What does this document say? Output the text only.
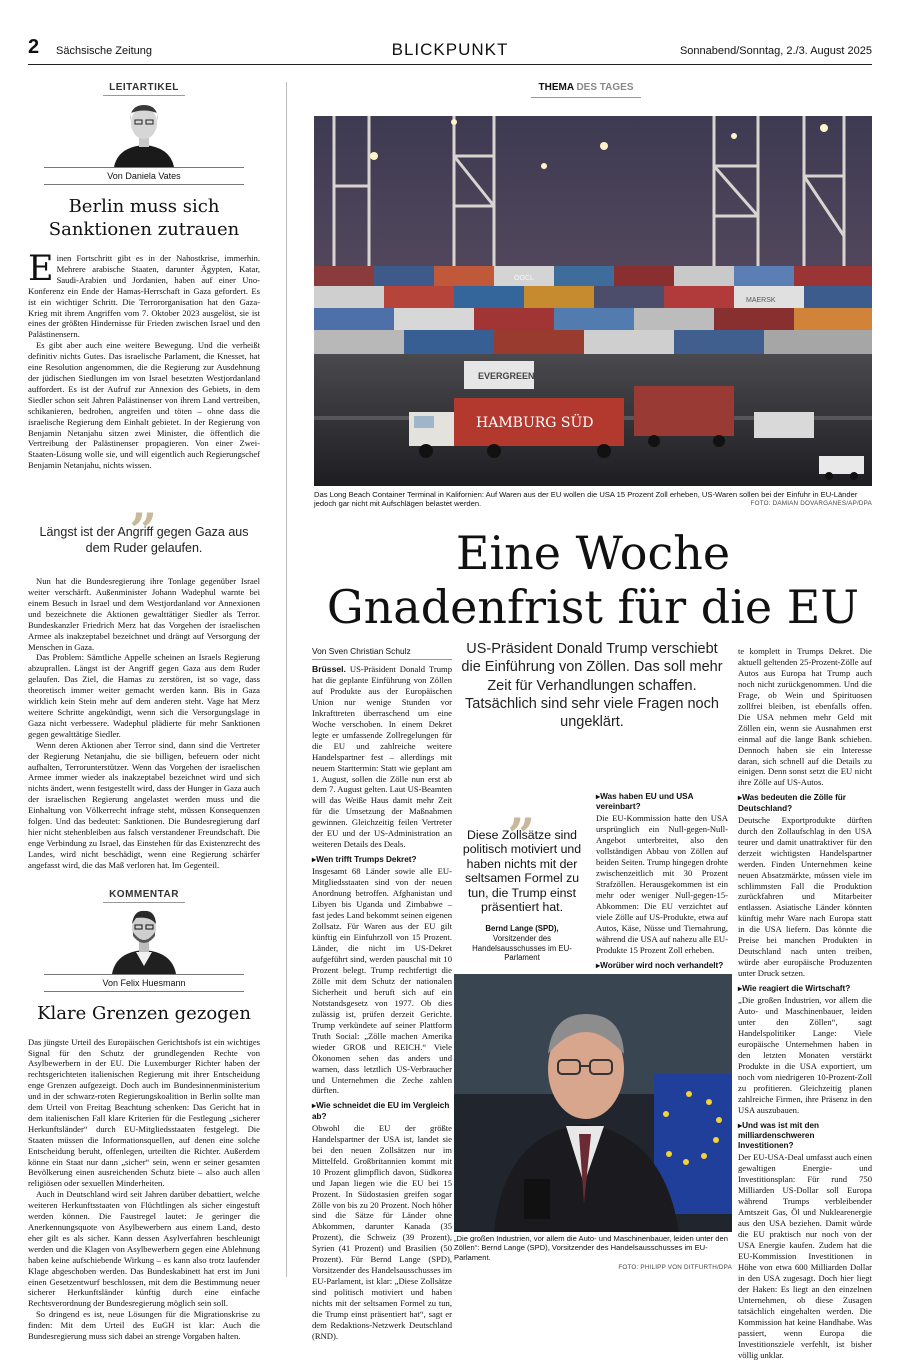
2 Sächsische Zeitung	BLICKPUNKT	Sonnabend/Sonntag, 2./3. August 2025
LEITARTIKEL
Von Daniela Vates
Berlin muss sich Sanktionen zutrauen

Einen Fortschritt gibt es in der Nahostkrise, immerhin. Mehrere arabische Staaten, darunter Ägypten, Katar, Saudi-Arabien und Jordanien, haben auf einer Uno-Konferenz ein Ende der Hamas-Herrschaft in Gaza gefordert. Es ist ein wichtiger Schritt. Die Terrororganisation hat den Gaza-Krieg mit ihrem Angriffen vom 7. Oktober 2023 ausgelöst, sie ist eines der größten Hindernisse für Frieden zwischen Israel und den Palästinensern.

Es gibt aber auch eine weitere Bewegung. Und die verheißt definitiv nichts Gutes. Das israelische Parlament, die Knesset, hat eine Resolution angenommen, die die Regierung zur Ausdehnung der jüdischen Siedlungen im von Israel besetzten Westjordanland auffordert. Es ist der Aufruf zur Annexion des Gebiets, in dem Siedler schon seit Jahren Palästinenser von ihrem Land vertreiben, schikanieren, bedrohen, angreifen und töten – ohne dass die israelische Regierung dem Einhalt gebietet. In der Regierung von Benjamin Netanjahu sitzen zwei Minister, die öffentlich die Vertreibung der Palästinenser propagieren. Von einer Zwei-Staaten-Lösung wolle sie, und will eigentlich auch Regierungschef Benjamin Netanjahu, nichts wissen.

„
Längst ist der Angriff gegen Gaza aus dem Ruder gelaufen.

Nun hat die Bundesregierung ihre Tonlage gegenüber Israel weiter verschärft. Außenminister Johann Wadephul warnte bei einem Besuch in Israel und dem Westjordanland vor Annexionen und bezeichnete die Aktionen gewalttätiger Siedler als Terror. Bundeskanzler Friedrich Merz hat das Vorgehen der israelischen Armee als inakzeptabel bezeichnet und drängt auf Versorgung der Menschen in Gaza.

Das Problem: Sämtliche Appelle scheinen an Israels Regierung abzuprallen. Längst ist der Angriff gegen Gaza aus dem Ruder gelaufen. Das Ziel, die Hamas zu zerstören, ist so vage, dass theoretisch immer weiter gemacht werden kann. Bis in Gaza wirklich kein Stein mehr auf dem anderen steht. Vage hat Merz weitere Schritte angekündigt, wenn sich die Versorgungslage in Gaza nicht verbessere. Wadephul plädierte für mehr Sanktionen gegen gewalttätige Siedler.

Wenn deren Aktionen aber Terror sind, dann sind die Vertreter der Regierung Netanjahu, die sie billigen, befeuern oder nicht aufhalten, Terrorunterstützer. Wenn das Vorgehen der israelischen Armee immer wieder als inakzeptabel bezeichnet wird und sich nichts ändert, wenn festgestellt wird, dass der Hunger in Gaza auch der israelischen Regierung angelastet werden muss und die Einhaltung von Völkerrecht infrage steht, müssen Konsequenzen folgen. Und das bedeutet: Sanktionen. Die Bundesregierung darf hier nicht stehenbleiben aus falsch verstandener Freundschaft. Die enge Verbindung zu Israel, das Einstehen für das Existenzrecht des Landes, wird nicht beschädigt, wenn eine Regierung schärfer angefasst wird, die das Maß verloren hat. Im Gegenteil.

KOMMENTAR
Von Felix Huesmann
Klare Grenzen gezogen

Das jüngste Urteil des Europäischen Gerichtshofs ist ein wichtiges Signal für den Schutz der grundlegenden Rechte von Asylbewerbern in der EU. Die Luxemburger Richter haben der rechtsgerichteten italienischen Regierung mit ihrer Entscheidung enge Grenzen aufgezeigt. Doch auch im Bundesinnenministerium und in der schwarz-roten Regierungskoalition in Berlin sollte man dem Urteil von Freitag Beachtung schenken: Das Gericht hat in dem italienischen Fall klare Kriterien für die Festlegung „sicherer Herkunftsländer“ durch EU-Mitgliedsstaaten festgelegt. Die Staaten müssen die Informationsquellen, auf denen eine solche Entscheidung beruht, offenlegen, urteilten die Richter. Außerdem könne ein Staat nur dann „sicher“ sein, wenn er seiner gesamten Bevölkerung einen ausreichenden Schutz biete – also auch allen religiösen oder sexuellen Minderheiten.

Auch in Deutschland wird seit Jahren darüber debattiert, welche weiteren Herkunftsstaaten von Flüchtlingen als sicher eingestuft werden können. Die Faustregel lautet: Je geringer die Anerkennungsquote von Asylbewerbern aus einem Land, desto eher gilt es als sicher. Kann dessen Asylverfahren beschleunigt werden und die Klagen von Asylbewerbern gegen eine Ablehnung haben keine aufschiebende Wirkung – es kann also trotz laufender Klage abgeschoben werden. Das Bundeskabinett hat erst im Juni einen Gesetzentwurf beschlossen, mit dem die Bestimmung neuer sicherer Herkunftsländer künftig durch eine einfache Rechtsverordnung der Bundesregierung möglich sein soll.

So dringend es ist, neue Lösungen für die Migrationskrise zu finden: Mit dem Urteil des EuGH ist klar: Auch die Bundesregierung muss sich dabei an strenge Vorgaben halten.

THEMA DES TAGES
OOCL
MAERSK
EVERGREEN
HAMBURG SÜD
Das Long Beach Container Terminal in Kalifornien: Auf Waren aus der EU wollen die USA 15 Prozent Zoll erheben, US-Waren sollen bei der Einfuhr in EU-Länder jedoch gar nicht mit Aufschlägen belastet werden.	FOTO: DAMIAN DOVARGANES/AP/DPA
Eine Woche
Gnadenfrist für die EU
Von Sven Christian Schulz	US-Präsident Donald Trump verschiebt die Einführung von Zöllen. Das soll mehr Zeit für Verhandlungen schaffen. Tatsächlich sind sehr viele Fragen noch ungeklärt.

Brüssel. US-Präsident Donald Trump hat die geplante Einführung von Zöllen auf Produkte aus der Europäischen Union nur wenige Stunden vor Inkrafttreten überraschend um eine Woche verschoben. In einem Dekret legte er umfassende Zollregelungen für die EU und zahlreiche weitere Handelspartner fest – allerdings mit neuem Starttermin: Statt wie geplant am 1. August, sollen die Zölle nun erst ab dem 7. August gelten. Laut US-Beamten will das Weiße Haus damit mehr Zeit für die Umsetzung der Maßnahmen gewinnen. Gleichzeitig feilen Vertreter der EU und der US-Administration an weiteren Details des Deals.

▸ Wen trifft Trumps Dekret?

Insgesamt 68 Länder sowie alle EU-Mitgliedsstaaten sind von der neuen Anordnung betroffen. Afghanistan und Libyen bis Uganda und Zimbabwe – fast jedes Land bekommt seinen eigenen Zollsatz. Für Waren aus der EU gilt künftig ein Einfuhrzoll von 15 Prozent. Länder, die nicht im US-Dekret aufgeführt sind, werden pauschal mit 10 Prozent belegt. Trump rechtfertigt die Zölle mit dem Schutz der nationalen Sicherheit und beruft sich auf ein Notstandsgesetz von 1977. Ob dies zulässig ist, prüfen derzeit Gerichte. Trump verkündete auf seiner Plattform Truth Social: „Zölle machen Amerika wieder GROß und REICH.“ Viele Ökonomen sehen das anders und warnen, dass letztlich US-Verbraucher und Unternehmen die Zeche zahlen dürften.

▸ Wie schneidet die EU im Vergleich ab?

Obwohl die EU der größte Handelspartner der USA ist, landet sie bei den neuen Zollsätzen nur im Mittelfeld. Großbritannien kommt mit 10 Prozent glimpflich davon, Südkorea und Japan liegen wie die EU bei 15 Prozent. In Südostasien greifen sogar Zölle von bis zu 20 Prozent. Noch höher sind die Sätze für Länder ohne Abkommen, darunter Kanada (35 Prozent), die Schweiz (39 Prozent), Syrien (41 Prozent) und Brasilien (50 Prozent). Für Bernd Lange (SPD), Vorsitzender des Handelsausschusses im EU-Parlament, ist klar: „Diese Zollsätze sind politisch motiviert und haben nichts mit der seltsamen Formel zu tun, die Trump einst präsentiert hat“, sagt er dem Redaktions-Netzwerk Deutschland (RND).

„
Diese Zollsätze sind politisch motiviert und haben nichts mit der seltsamen Formel zu tun, die Trump einst präsentiert hat.
Bernd Lange (SPD),
Vorsitzender des Handelsausschusses im EU-Parlament
▸ Was haben EU und USA vereinbart?

Die EU-Kommission hatte den USA ursprünglich ein Null-gegen-Null-Angebot unterbreitet, also den vollständigen Abbau von Zöllen auf beiden Seiten. Trump hingegen drohte zwischenzeitlich mit 30 Prozent Strafzöllen. Herausgekommen ist ein mehr oder weniger Null-gegen-15-Abkommen: Die EU verzichtet auf viele Zölle auf US-Produkte, etwa auf Autos, Käse, Nüsse und Tiernahrung, während die USA auf nahezu alle EU-Produkte 15 Prozent Zoll erheben.

▸ Worüber wird noch verhandelt?

„Die großen Industrien, vor allem die Auto- und Maschinenbauer, leiden unter den Zöllen“: Bernd Lange (SPD), Vorsitzender des Handelsausschusses im EU-Parlament.
FOTO: PHILIPP VON DITFURTH/DPA

te komplett in Trumps Dekret. Die aktuell geltenden 25-Prozent-Zölle auf Autos aus Europa hat Trump auch noch nicht zurückgenommen. Und die Frage, ob Wein und Spirituosen zollfrei bleiben, ist ebenfalls offen. Die USA nehmen mehr Geld mit Zöllen ein, wenn sie Ausnahmen erst einmal auf die lange Bank schieben. Dennoch haben sie ein Interesse daran, sich schnell auf die Details zu einigen. Denn sonst setzt die EU nicht ihre Zölle auf US-Autos.

▸ Was bedeuten die Zölle für Deutschland?

Deutsche Exportprodukte dürften durch den Zollaufschlag in den USA teurer und damit unattraktiver für den derzeit wichtigsten Handelspartner werden. Finden Unternehmen keine neuen Absatzmärkte, müssen viele im schlimmsten Fall die Produktion zurückfahren und Mitarbeiter entlassen. Asiatische Länder könnten künftig mehr Ware nach Europa statt in die USA liefern. Das könnte die Preise bei manchen Produkten in Deutschland nach unten treiben, würde aber europäische Produzenten unter Druck setzen.

▸ Wie reagiert die Wirtschaft?

„Die großen Industrien, vor allem die Auto- und Maschinenbauer, leiden unter den Zöllen“, sagt Handelspolitiker Lange: Viele europäische Unternehmen haben in den letzten Monaten verstärkt Produkte in die USA exportiert, um noch vom niedrigeren 10-Prozent-Zoll zu profitieren. Gleichzeitig planen zahlreiche Firmen, ihre Präsenz in den USA auszubauen.

▸ Und was ist mit den milliardenschweren Investitionen?

Der EU-USA-Deal umfasst auch einen gewaltigen Energie- und Investitionsplan: Für rund 750 Milliarden US-Dollar soll Europa während Trumps verbleibender Amtszeit Gas, Öl und Nuklearenergie aus den USA beziehen. Damit würde die EU praktisch nur noch von der USA Energie kaufen. Zudem hat die EU-Kommission Investitionen in Höhe von etwa 600 Milliarden Dollar in den USA zugesagt. Doch hier liegt der Haken: Es liegt an den einzelnen Unternehmen, ob diese Zusagen tatsächlich eingehalten werden. Die Kommission hat keine Handhabe. Was passiert, wenn Europa die Investitionsziele verfehlt, ist bisher völlig unklar.
